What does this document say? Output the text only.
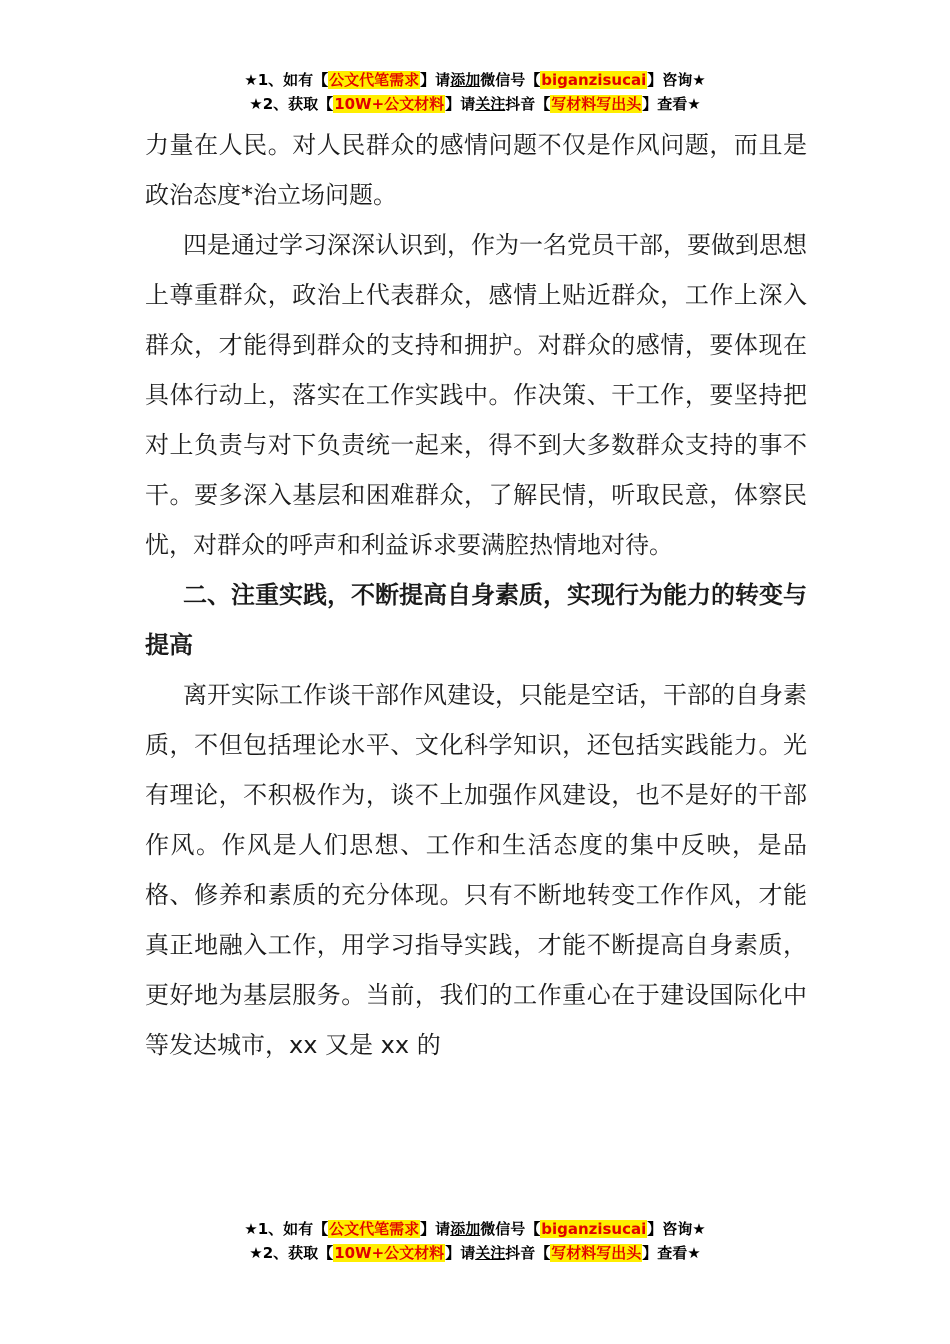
★1、如有【公文代笔需求】请添加微信号【biganzisucai】咨询★
★2、获取【10W+公文材料】请关注抖音【写材料写出头】查看★

力量在人民。对人民群众的感情问题不仅是作风问题，而且是政治态度*治立场问题。

四是通过学习深深认识到，作为一名党员干部，要做到思想上尊重群众，政治上代表群众，感情上贴近群众，工作上深入群众，才能得到群众的支持和拥护。对群众的感情，要体现在具体行动上，落实在工作实践中。作决策、干工作，要坚持把对上负责与对下负责统一起来，得不到大多数群众支持的事不干。要多深入基层和困难群众，了解民情，听取民意，体察民忧，对群众的呼声和利益诉求要满腔热情地对待。

二、注重实践，不断提高自身素质，实现行为能力的转变与提高

离开实际工作谈干部作风建设，只能是空话，干部的自身素质，不但包括理论水平、文化科学知识，还包括实践能力。光有理论，不积极作为，谈不上加强作风建设，也不是好的干部作风。作风是人们思想、工作和生活态度的集中反映，是品格、修养和素质的充分体现。只有不断地转变工作作风，才能真正地融入工作，用学习指导实践，才能不断提高自身素质，更好地为基层服务。当前，我们的工作重心在于建设国际化中等发达城市，xx 又是 xx 的

★1、如有【公文代笔需求】请添加微信号【biganzisucai】咨询★
★2、获取【10W+公文材料】请关注抖音【写材料写出头】查看★
